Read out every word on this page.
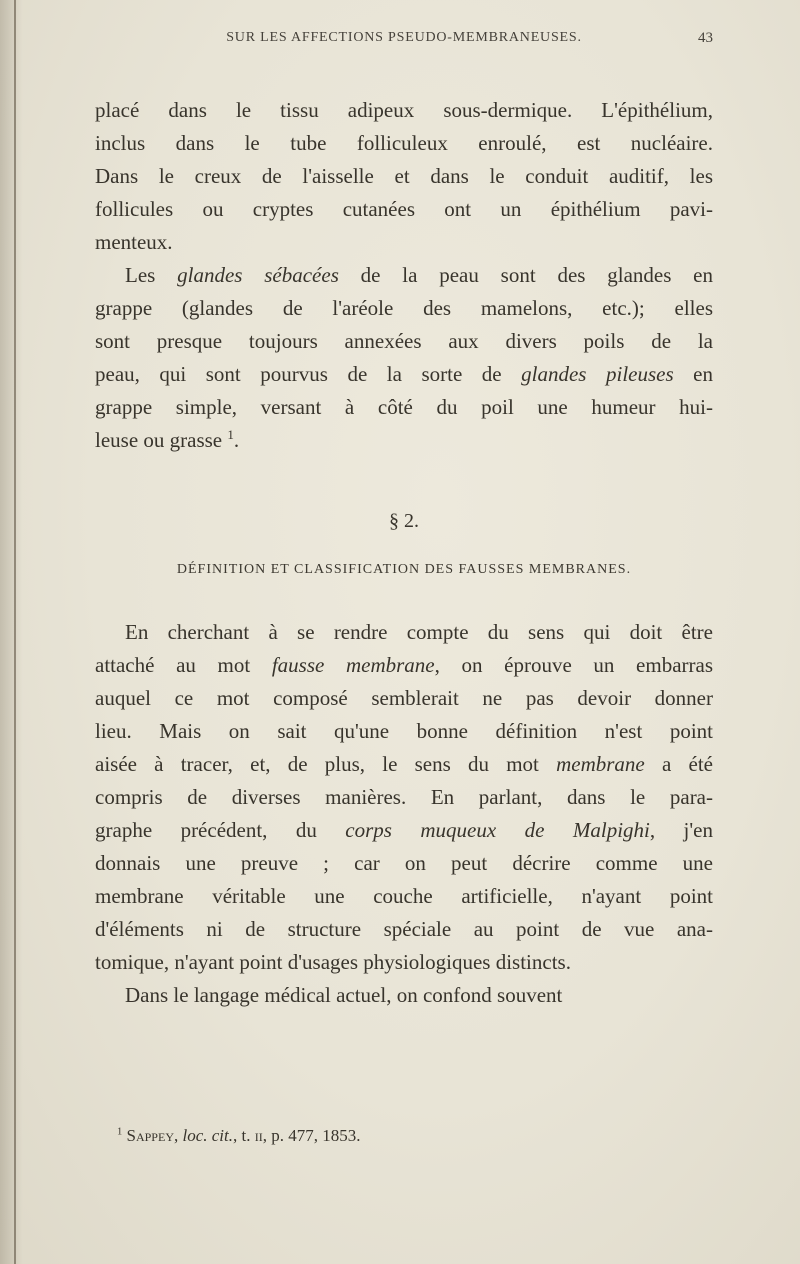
SUR LES AFFECTIONS PSEUDO-MEMBRANEUSES.	43
placé dans le tissu adipeux sous-dermique. L'épithélium,
inclus dans le tube folliculeux enroulé, est nucléaire.
Dans le creux de l'aisselle et dans le conduit auditif, les
follicules ou cryptes cutanées ont un épithélium pavi-
menteux.
Les glandes sébacées de la peau sont des glandes en
grappe (glandes de l'aréole des mamelons, etc.); elles
sont presque toujours annexées aux divers poils de la
peau, qui sont pourvus de la sorte de glandes pileuses en
grappe simple, versant à côté du poil une humeur hui-
leuse ou grasse $^1$.
§ 2.
DÉFINITION ET CLASSIFICATION DES FAUSSES MEMBRANES.
En cherchant à se rendre compte du sens qui doit être
attaché au mot fausse membrane, on éprouve un embarras
auquel ce mot composé semblerait ne pas devoir donner
lieu. Mais on sait qu'une bonne définition n'est point
aisée à tracer, et, de plus, le sens du mot membrane a été
compris de diverses manières. En parlant, dans le para-
graphe précédent, du corps muqueux de Malpighi, j'en
donnais une preuve ; car on peut décrire comme une
membrane véritable une couche artificielle, n'ayant point
d'éléments ni de structure spéciale au point de vue ana-
tomique, n'ayant point d'usages physiologiques distincts.
Dans le langage médical actuel, on confond souvent
$^1$ Sappey, loc. cit., t. ii, p. 477, 1853.
